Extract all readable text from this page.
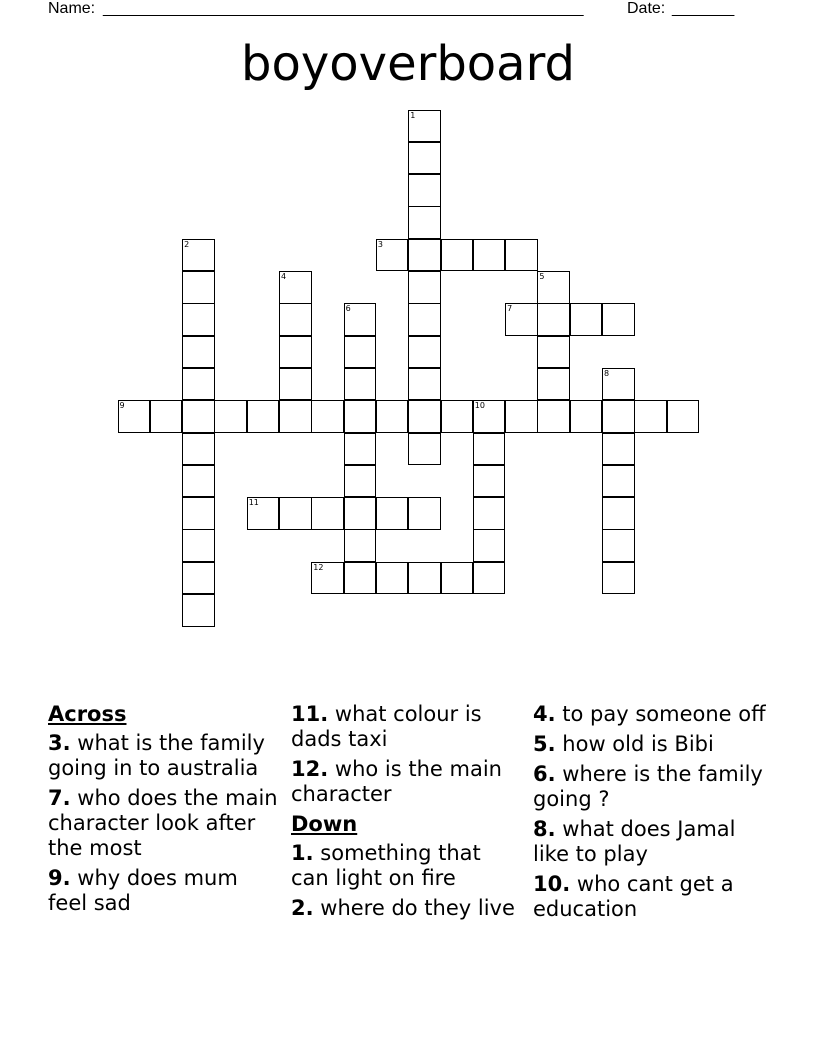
Name: ______________________________________________________	Date: _______
boyoverboard
1
2	3
4	5
6	7
8
9	10
11
12
Across
3. what is the family going in to australia
7. who does the main character look after the most
9. why does mum feel sad
11. what colour is dads taxi
12. who is the main character
Down
1. something that can light on fire
2. where do they live
4. to pay someone off
5. how old is Bibi
6. where is the family going ?
8. what does Jamal like to play
10. who cant get a education
